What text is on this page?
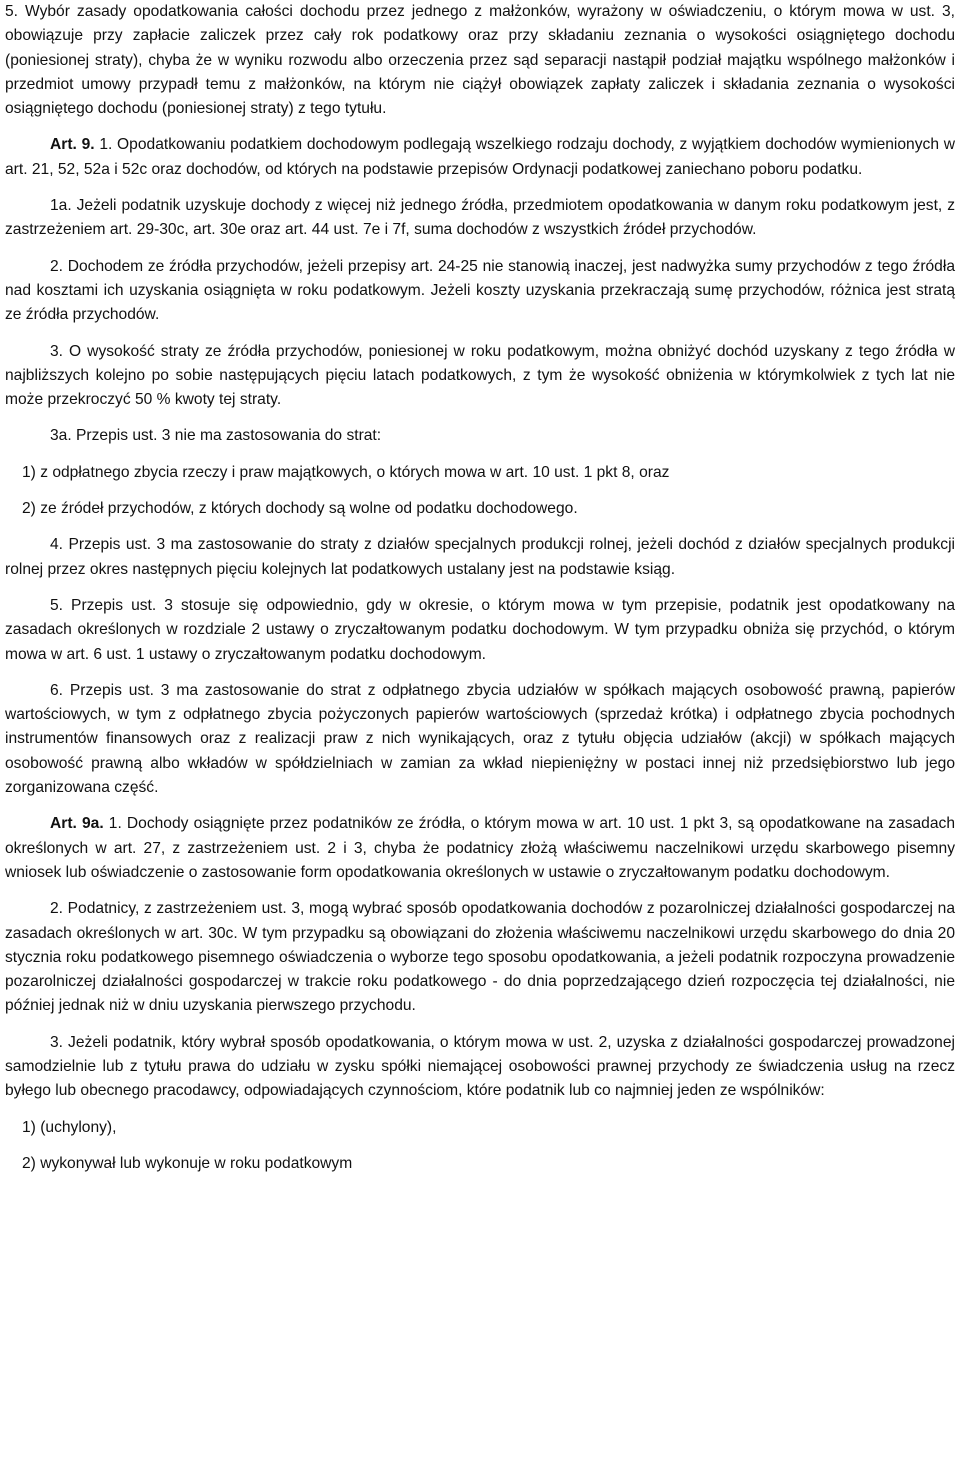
5. Wybór zasady opodatkowania całości dochodu przez jednego z małżonków, wyrażony w oświadczeniu, o którym mowa w ust. 3, obowiązuje przy zapłacie zaliczek przez cały rok podatkowy oraz przy składaniu zeznania o wysokości osiągniętego dochodu (poniesionej straty), chyba że w wyniku rozwodu albo orzeczenia przez sąd separacji nastąpił podział majątku wspólnego małżonków i przedmiot umowy przypadł temu z małżonków, na którym nie ciążył obowiązek zapłaty zaliczek i składania zeznania o wysokości osiągniętego dochodu (poniesionej straty) z tego tytułu.
Art. 9. 1. Opodatkowaniu podatkiem dochodowym podlegają wszelkiego rodzaju dochody, z wyjątkiem dochodów wymienionych w art. 21, 52, 52a i 52c oraz dochodów, od których na podstawie przepisów Ordynacji podatkowej zaniechano poboru podatku.
1a. Jeżeli podatnik uzyskuje dochody z więcej niż jednego źródła, przedmiotem opodatkowania w danym roku podatkowym jest, z zastrzeżeniem art. 29-30c, art. 30e oraz art. 44 ust. 7e i 7f, suma dochodów z wszystkich źródeł przychodów.
2. Dochodem ze źródła przychodów, jeżeli przepisy art. 24-25 nie stanowią inaczej, jest nadwyżka sumy przychodów z tego źródła nad kosztami ich uzyskania osiągnięta w roku podatkowym. Jeżeli koszty uzyskania przekraczają sumę przychodów, różnica jest stratą ze źródła przychodów.
3. O wysokość straty ze źródła przychodów, poniesionej w roku podatkowym, można obniżyć dochód uzyskany z tego źródła w najbliższych kolejno po sobie następujących pięciu latach podatkowych, z tym że wysokość obniżenia w którymkolwiek z tych lat nie może przekroczyć 50 % kwoty tej straty.
3a. Przepis ust. 3 nie ma zastosowania do strat:
1) z odpłatnego zbycia rzeczy i praw majątkowych, o których mowa w art. 10 ust. 1 pkt 8, oraz
2) ze źródeł przychodów, z których dochody są wolne od podatku dochodowego.
4. Przepis ust. 3 ma zastosowanie do straty z działów specjalnych produkcji rolnej, jeżeli dochód z działów specjalnych produkcji rolnej przez okres następnych pięciu kolejnych lat podatkowych ustalany jest na podstawie ksiąg.
5. Przepis ust. 3 stosuje się odpowiednio, gdy w okresie, o którym mowa w tym przepisie, podatnik jest opodatkowany na zasadach określonych w rozdziale 2 ustawy o zryczałtowanym podatku dochodowym. W tym przypadku obniża się przychód, o którym mowa w art. 6 ust. 1 ustawy o zryczałtowanym podatku dochodowym.
6. Przepis ust. 3 ma zastosowanie do strat z odpłatnego zbycia udziałów w spółkach mających osobowość prawną, papierów wartościowych, w tym z odpłatnego zbycia pożyczonych papierów wartościowych (sprzedaż krótka) i odpłatnego zbycia pochodnych instrumentów finansowych oraz z realizacji praw z nich wynikających, oraz z tytułu objęcia udziałów (akcji) w spółkach mających osobowość prawną albo wkładów w spółdzielniach w zamian za wkład niepieniężny w postaci innej niż przedsiębiorstwo lub jego zorganizowana część.
Art. 9a. 1. Dochody osiągnięte przez podatników ze źródła, o którym mowa w art. 10 ust. 1 pkt 3, są opodatkowane na zasadach określonych w art. 27, z zastrzeżeniem ust. 2 i 3, chyba że podatnicy złożą właściwemu naczelnikowi urzędu skarbowego pisemny wniosek lub oświadczenie o zastosowanie form opodatkowania określonych w ustawie o zryczałtowanym podatku dochodowym.
2. Podatnicy, z zastrzeżeniem ust. 3, mogą wybrać sposób opodatkowania dochodów z pozarolniczej działalności gospodarczej na zasadach określonych w art. 30c. W tym przypadku są obowiązani do złożenia właściwemu naczelnikowi urzędu skarbowego do dnia 20 stycznia roku podatkowego pisemnego oświadczenia o wyborze tego sposobu opodatkowania, a jeżeli podatnik rozpoczyna prowadzenie pozarolniczej działalności gospodarczej w trakcie roku podatkowego - do dnia poprzedzającego dzień rozpoczęcia tej działalności, nie później jednak niż w dniu uzyskania pierwszego przychodu.
3. Jeżeli podatnik, który wybrał sposób opodatkowania, o którym mowa w ust. 2, uzyska z działalności gospodarczej prowadzonej samodzielnie lub z tytułu prawa do udziału w zysku spółki niemającej osobowości prawnej przychody ze świadczenia usług na rzecz byłego lub obecnego pracodawcy, odpowiadających czynnościom, które podatnik lub co najmniej jeden ze wspólników:
1) (uchylony),
2) wykonywał lub wykonuje w roku podatkowym
